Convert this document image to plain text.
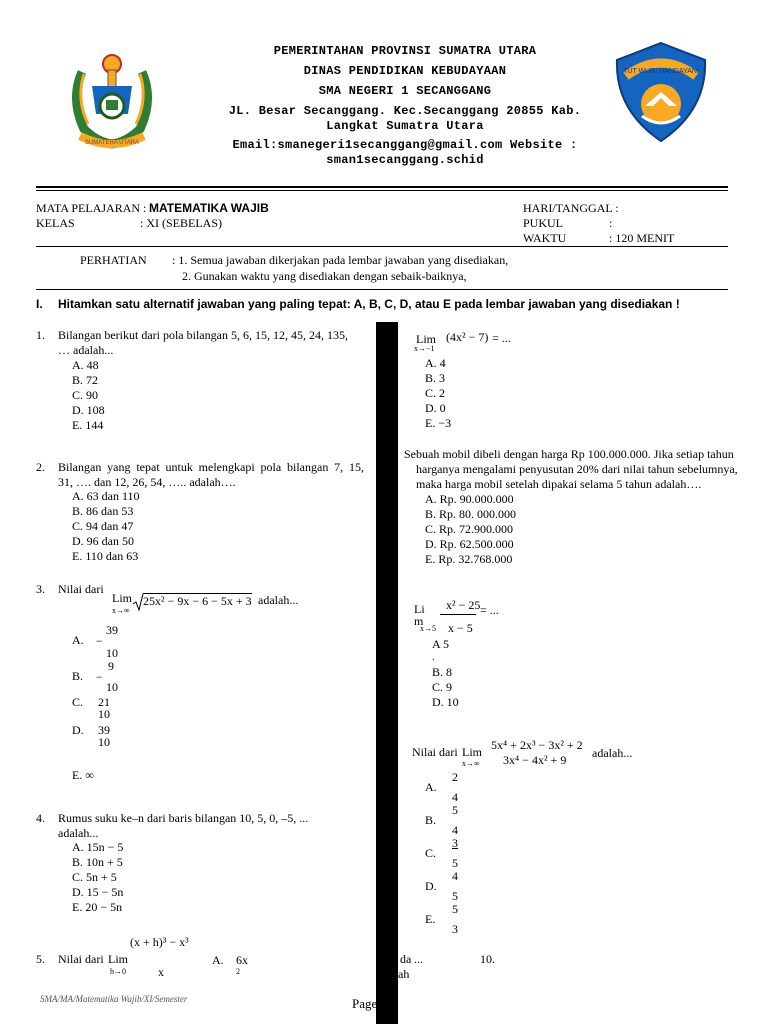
SUMATERA UTARA
TUT WURI HANDAYANI
PEMERINTAHAN PROVINSI SUMATRA UTARA
DINAS PENDIDIKAN KEBUDAYAAN
SMA NEGERI 1 SECANGGANG
JL. Besar Secanggang. Kec.Secanggang 20855 Kab.
Langkat Sumatra Utara
Email:smanegeri1secanggang@gmail.com Website :
sman1secanggang.schid
MATA PELAJARAN : MATEMATIKA WAJIB
KELAS	: XI (SEBELAS)
HARI/TANGGAL :
PUKUL	:
WAKTU	: 120 MENIT
PERHATIAN : 1. Semua jawaban dikerjakan pada lembar jawaban yang disediakan,
2. Gunakan waktu yang disediakan dengan sebaik-baiknya,
I. Hitamkan satu alternatif jawaban yang paling tepat: A, B, C, D, atau E pada lembar jawaban yang disediakan !
1. Bilangan berikut dari pola bilangan 5, 6, 15, 12, 45, 24, 135,
… adalah...
A. 48
B. 72
C. 90
D. 108
E. 144
2. Bilangan yang tepat untuk melengkapi pola bilangan 7, 15,
31, …. dan 12, 26, 54, ….. adalah….
A. 63 dan 110
B. 86 dan 53
C. 94 dan 47
D. 96 dan 50
E. 110 dan 63
3. Nilai dari
Lim
x→∞
25x² − 9x − 6 − 5x + 3 adalah...
A. −
39
10
B. −
9
10
C. 21
10
D. 39
10
E. ∞
4. Rumus suku ke–n dari baris bilangan 10, 5, 0, –5, ...
adalah...
A. 15n − 5
B. 10n + 5
C. 5n + 5
D. 15 − 5n
E. 20 − 5n
5. Nilai dari Lim
h→0
(x + h)³ − x³
x
A. 6x
2
SMA/MA/Matematika Wajib/XI/Semester
Lim
x→−1
(4x² − 7) = ...
A. 4
B. 3
C. 2
D. 0
E. −3
Sebuah mobil dibeli dengan harga Rp 100.000.000. Jika setiap tahun
harganya mengalami penyusutan 20% dari nilai tahun sebelumnya,
maka harga mobil setelah dipakai selama 5 tahun adalah….
A. Rp. 90.000.000
B. Rp. 80. 000.000
C. Rp. 72.900.000
D. Rp. 62.500.000
E. Rp. 32.768.000
Li
m
x→5
x² − 25
x − 5
= ...
A 5
.
B. 8
C. 9
D. 10
Nilai dari Lim
x→∞
5x⁴ + 2x³ − 3x² + 2
3x⁴ − 4x² + 9 adalah...
A.
2
4
B.
5
4
C.
3
5
D.
4
5
E.
5
3
da ...	10.
ah
Page of
